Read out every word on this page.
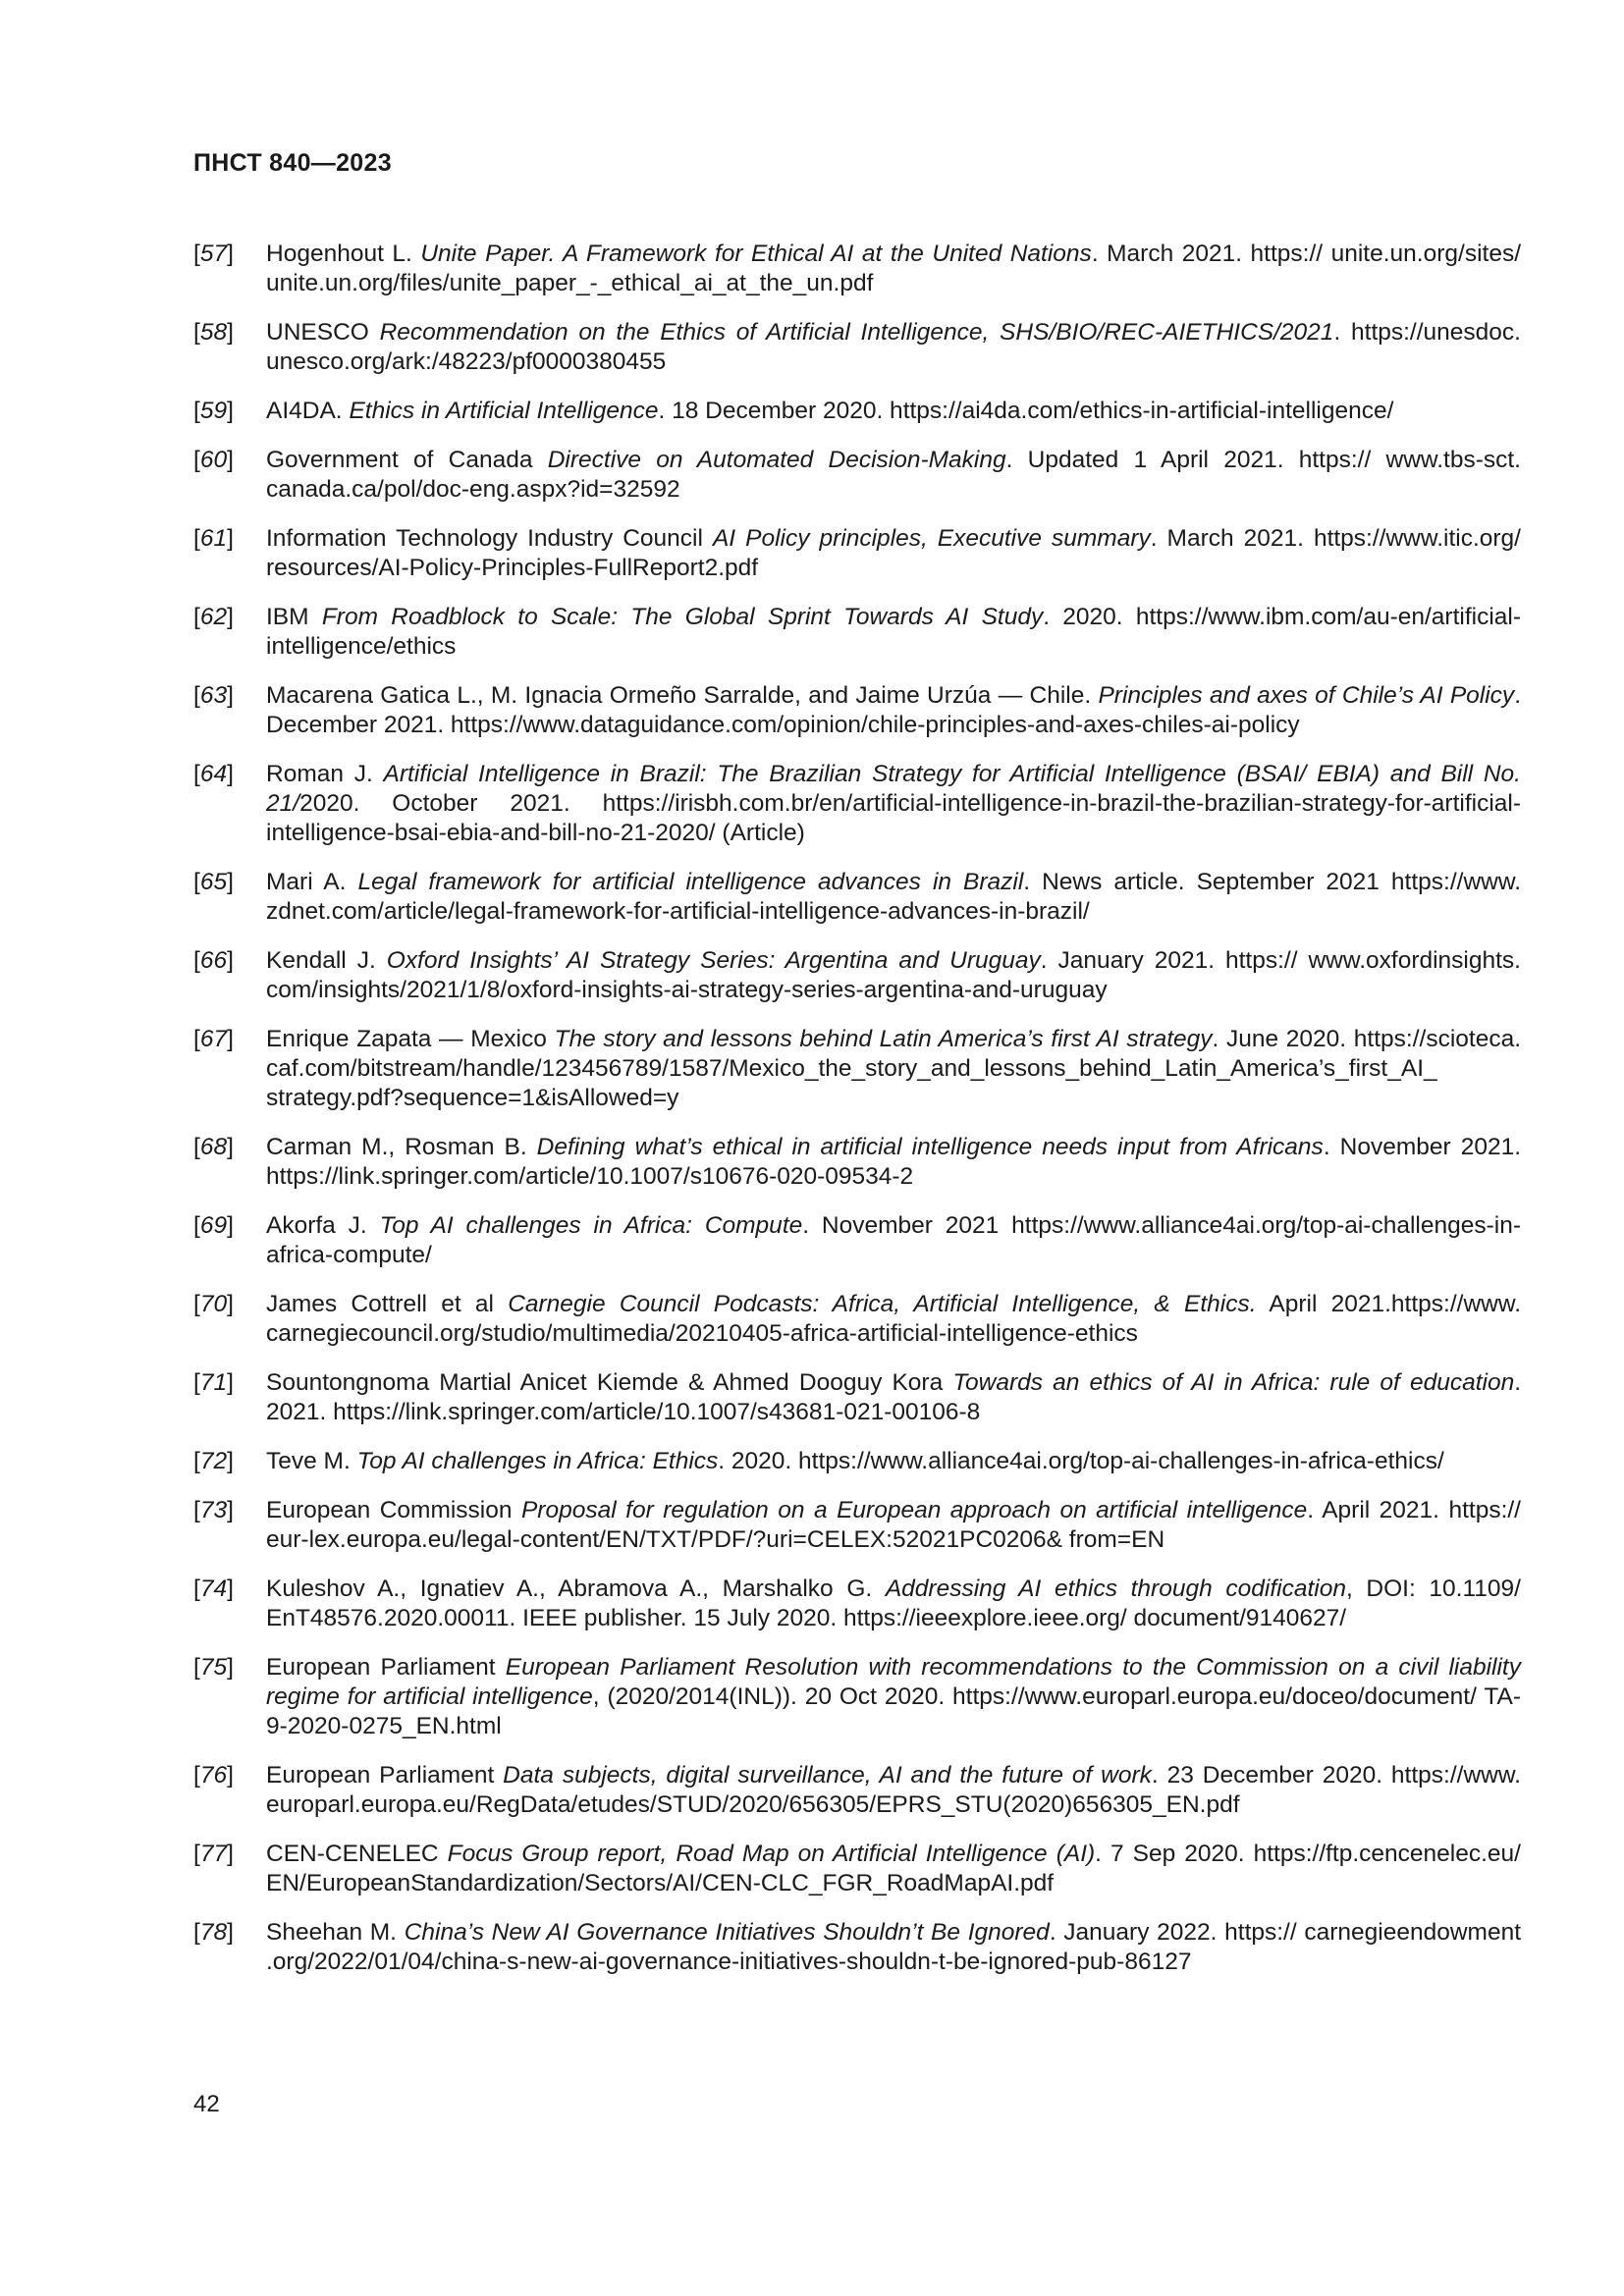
ПНСТ 840—2023
[57]	Hogenhout L. Unite Paper. A Framework for Ethical AI at the United Nations. March 2021. https:// unite.un.org/sites/ unite.un.org/files/unite_paper_-_ethical_ai_at_the_un.pdf
[58]	UNESCO Recommendation on the Ethics of Artificial Intelligence, SHS/BIO/REC-AIETHICS/2021. https://unesdoc. unesco.org/ark:/48223/pf0000380455
[59]	AI4DA. Ethics in Artificial Intelligence. 18 December 2020. https://ai4da.com/ethics-in-artificial-intelligence/
[60]	Government of Canada Directive on Automated Decision-Making. Updated 1 April 2021. https:// www.tbs-sct. canada.ca/pol/doc-eng.aspx?id=32592
[61]	Information Technology Industry Council AI Policy principles, Executive summary. March 2021. https://www.itic.org/ resources/AI-Policy-Principles-FullReport2.pdf
[62]	IBM From Roadblock to Scale: The Global Sprint Towards AI Study. 2020. https://www.ibm.com/au-en/artificial-intelligence/ethics
[63]	Macarena Gatica L., M. Ignacia Ormeño Sarralde, and Jaime Urzúa — Chile. Principles and axes of Chile’s AI Policy. December 2021. https://www.dataguidance.com/opinion/chile-principles-and-axes-chiles-ai-policy
[64]	Roman J. Artificial Intelligence in Brazil: The Brazilian Strategy for Artificial Intelligence (BSAI/ EBIA) and Bill No. 21/2020. October 2021. https://irisbh.com.br/en/artificial-intelligence-in-brazil-the-brazilian-strategy-for-artificial-intelligence-bsai-ebia-and-bill-no-21-2020/ (Article)
[65]	Mari A. Legal framework for artificial intelligence advances in Brazil. News article. September 2021 https://www. zdnet.com/article/legal-framework-for-artificial-intelligence-advances-in-brazil/
[66]	Kendall J. Oxford Insights’ AI Strategy Series: Argentina and Uruguay. January 2021. https:// www.oxfordinsights. com/insights/2021/1/8/oxford-insights-ai-strategy-series-argentina-and-uruguay
[67]	Enrique Zapata — Mexico The story and lessons behind Latin America’s first AI strategy. June 2020. https://scioteca. caf.com/bitstream/handle/123456789/1587/Mexico_the_story_and_lessons_behind_Latin_America’s_first_AI_ strategy.pdf?sequence=1&isAllowed=y
[68]	Carman M., Rosman B. Defining what’s ethical in artificial intelligence needs input from Africans. November 2021. https://link.springer.com/article/10.1007/s10676-020-09534-2
[69]	Akorfa J. Top AI challenges in Africa: Compute. November 2021 https://www.alliance4ai.org/top-ai-challenges-in-africa-compute/
[70]	James Cottrell et al Carnegie Council Podcasts: Africa, Artificial Intelligence, & Ethics. April 2021.https://www. carnegiecouncil.org/studio/multimedia/20210405-africa-artificial-intelligence-ethics
[71]	Sountongnoma Martial Anicet Kiemde & Ahmed Dooguy Kora Towards an ethics of AI in Africa: rule of education. 2021. https://link.springer.com/article/10.1007/s43681-021-00106-8
[72]	Teve M. Top AI challenges in Africa: Ethics. 2020. https://www.alliance4ai.org/top-ai-challenges-in-africa-ethics/
[73]	European Commission Proposal for regulation on a European approach on artificial intelligence. April 2021. https:// eur-lex.europa.eu/legal-content/EN/TXT/PDF/?uri=CELEX:52021PC0206& from=EN
[74]	Kuleshov A., Ignatiev A., Abramova A., Marshalko G. Addressing AI ethics through codification, DOI: 10.1109/ EnT48576.2020.00011. IEEE publisher. 15 July 2020. https://ieeexplore.ieee.org/ document/9140627/
[75]	European Parliament European Parliament Resolution with recommendations to the Commission on a civil liability regime for artificial intelligence, (2020/2014(INL)). 20 Oct 2020. https://www.europarl.europa.eu/doceo/document/ TA-9-2020-0275_EN.html
[76]	European Parliament Data subjects, digital surveillance, AI and the future of work. 23 December 2020. https://www. europarl.europa.eu/RegData/etudes/STUD/2020/656305/EPRS_STU(2020)656305_EN.pdf
[77]	CEN-CENELEC Focus Group report, Road Map on Artificial Intelligence (AI). 7 Sep 2020. https://ftp.cencenelec.eu/ EN/EuropeanStandardization/Sectors/AI/CEN-CLC_FGR_RoadMapAI.pdf
[78]	Sheehan M. China’s New AI Governance Initiatives Shouldn’t Be Ignored. January 2022. https:// carnegieendowment .org/2022/01/04/china-s-new-ai-governance-initiatives-shouldn-t-be-ignored-pub-86127
42
